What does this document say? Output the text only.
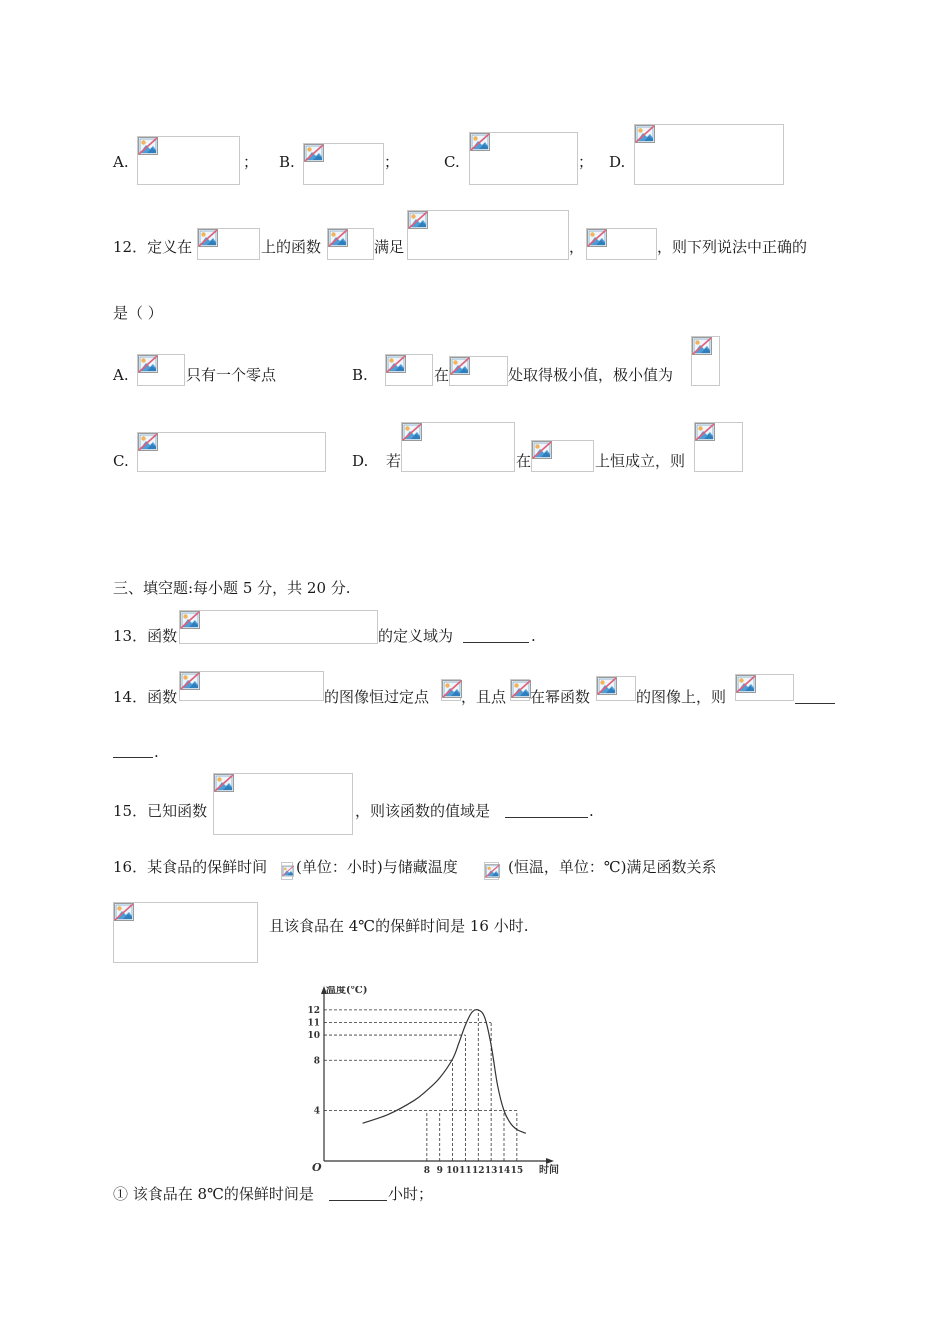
A.	； B.	；	C.	； D.
12．定义在	上的函数	满足	，	，则下列说法中正确的
是（ ）
A.	只有一个零点	B.	在	处取得极小值，极小值为
C.	D. 若	在	上恒成立，则
三、填空题:每小题 5 分，共 20 分.
13．函数	的定义域为	.
14．函数	的图像恒过定点 ，且点 在幂函数	的图像上，则
.
15．已知函数	，则该函数的值域是	.
16．某食品的保鲜时间 (单位：小时)与储藏温度	(恒温，单位：℃)满足函数关系
且该食品在 4℃的保鲜时间是 16 小时.
温度(℃)
时间
O	8 9 10 11 12 13 14 15
4
8
10
11
12
① 该食品在 8℃的保鲜时间是	小时；
